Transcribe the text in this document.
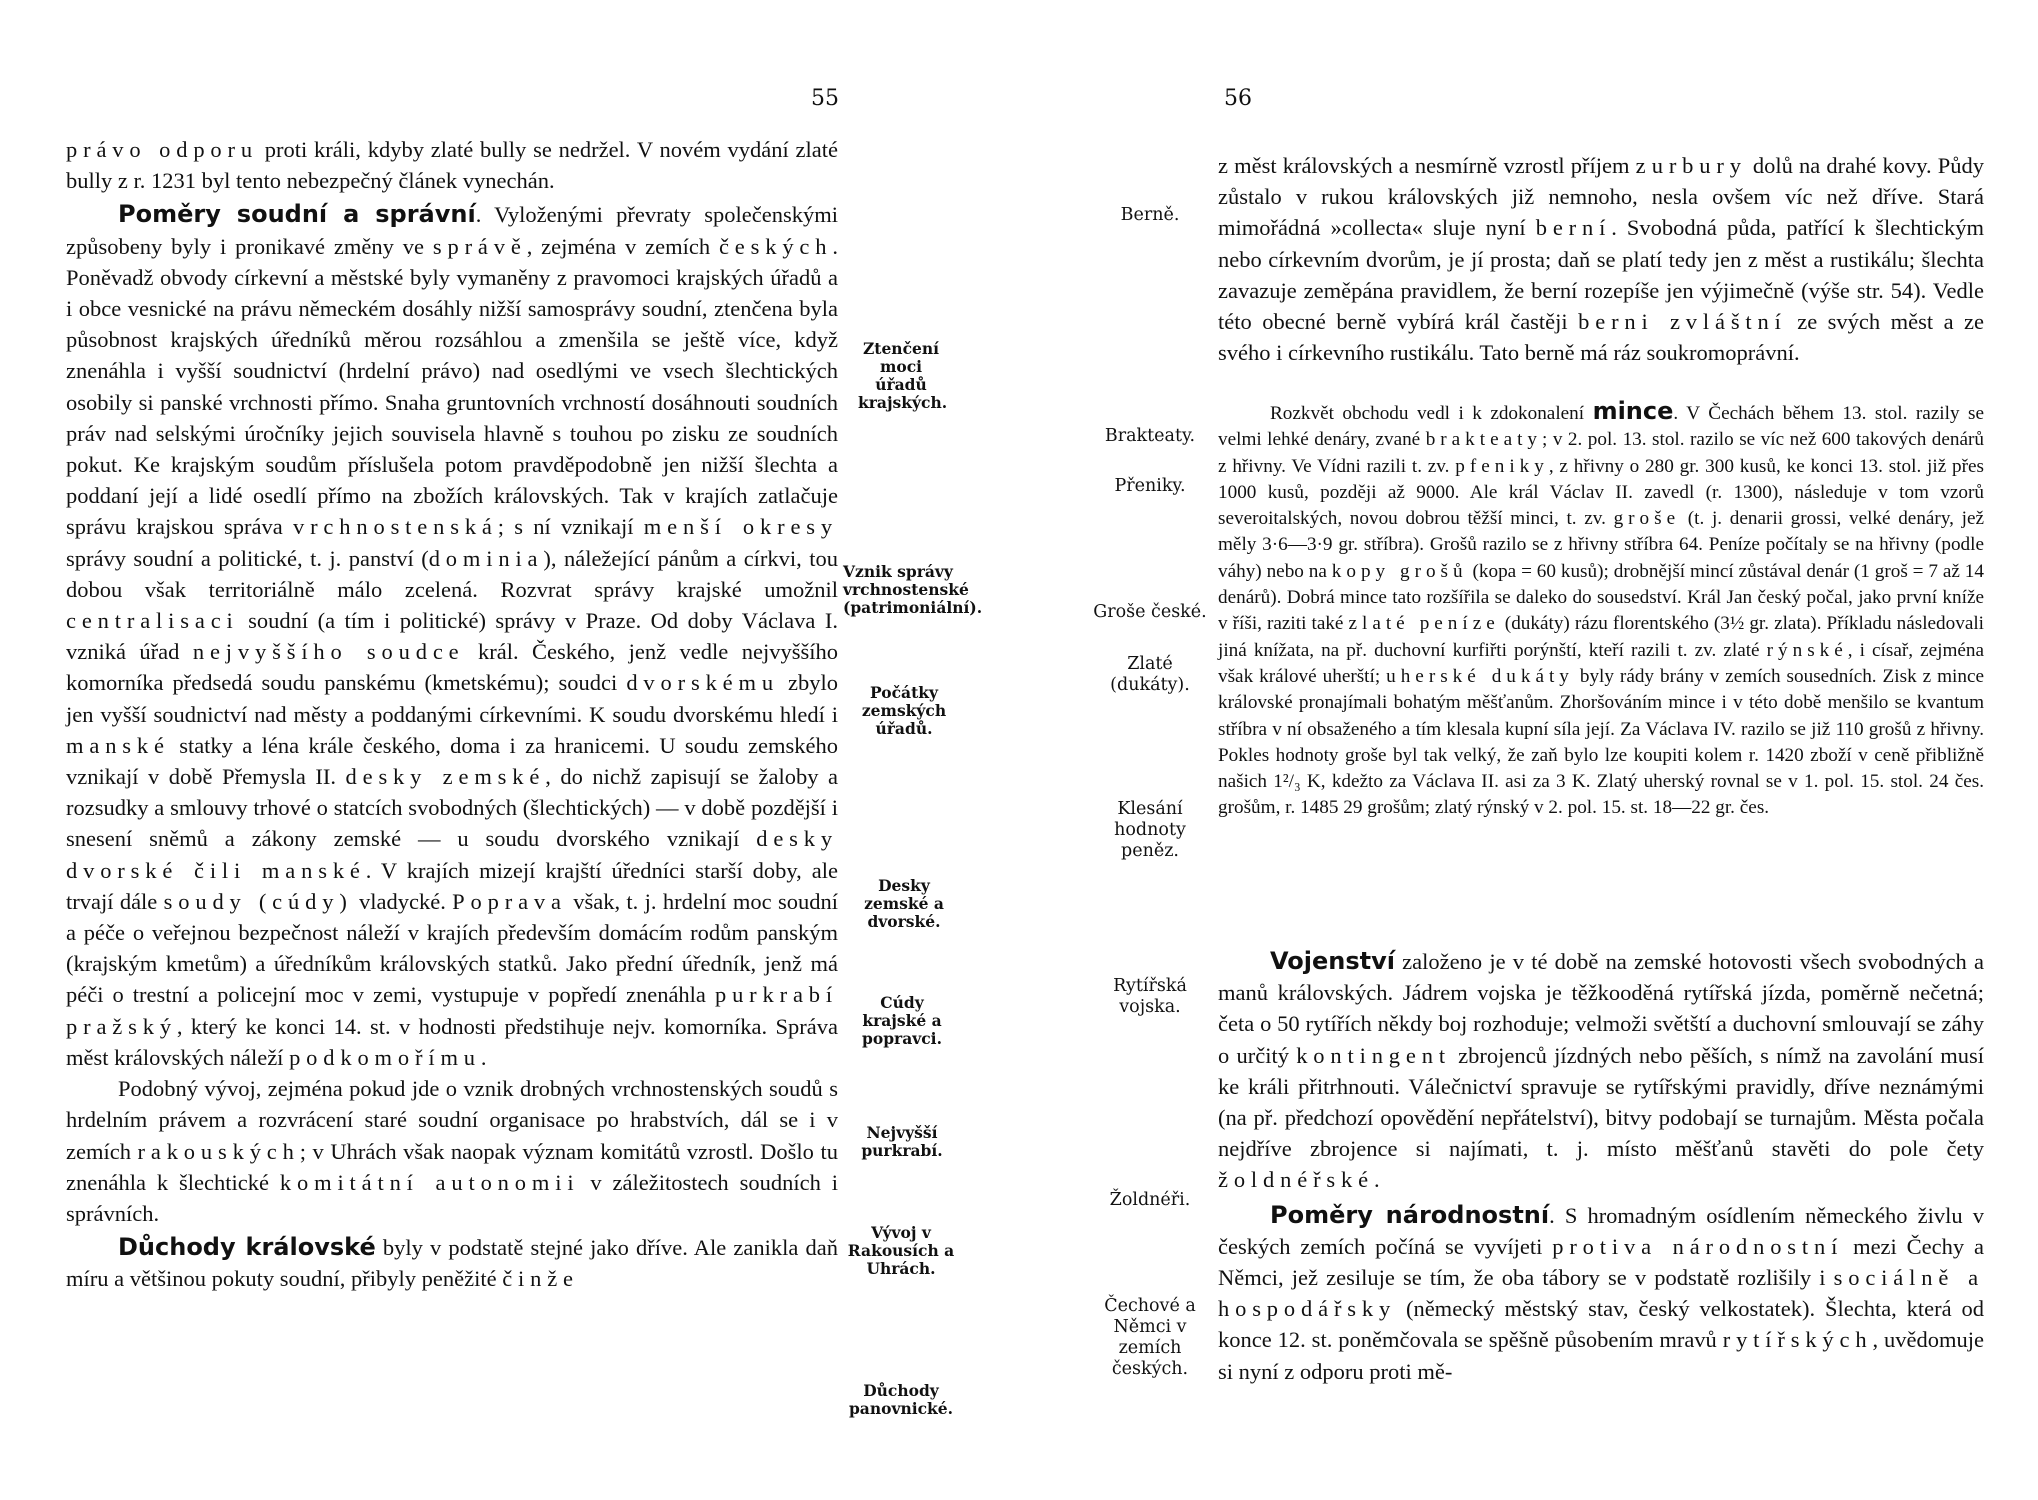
55

právo odporu proti králi, kdyby zlaté bully se nedržel. V novém vydání zlaté bully z r. 1231 byl tento nebezpečný článek vynechán.

Poměry soudní a správní. Vyloženými převraty společenskými způsobeny byly i pronikavé změny ve správě, zejména v zemích českých. Poněvadž obvody církevní a městské byly vymaněny z pravomoci krajských úřadů a i obce vesnické na právu německém dosáhly nižší samosprávy soudní, ztenčena byla působnost krajských úředníků měrou rozsáhlou a zmenšila se ještě více, když znenáhla i vyšší soudnictví (hrdelní právo) nad osedlými ve vsech šlechtických osobily si panské vrchnosti přímo. Snaha gruntovních vrchností dosáhnouti soudních práv nad selskými úročníky jejich souvisela hlavně s touhou po zisku ze soudních pokut. Ke krajským soudům příslušela potom pravděpodobně jen nižší šlechta a poddaní její a lidé osedlí přímo na zbožích královských. Tak v krajích zatlačuje správu krajskou správa vrchnostenská; s ní vznikají menší okresy správy soudní a politické, t. j. panství (dominia), náležející pánům a církvi, tou dobou však territoriálně málo zcelená. Rozvrat správy krajské umožnil centralisaci soudní (a tím i politické) správy v Praze. Od doby Václava I. vzniká úřad nejvyššího soudce král. Českého, jenž vedle nejvyššího komorníka předsedá soudu panskému (kmetskému); soudci dvorskému zbylo jen vyšší soudnictví nad městy a poddanými církevními. K soudu dvorskému hledí i manské statky a léna krále českého, doma i za hranicemi. U soudu zemského vznikají v době Přemysla II. desky zemské, do nichž zapisují se žaloby a rozsudky a smlouvy trhové o statcích svobodných (šlechtických) — v době pozdější i snesení sněmů a zákony zemské — u soudu dvorského vznikají desky dvorské čili manské. V krajích mizejí krajští úředníci starší doby, ale trvají dále soudy (cúdy) vladycké. Poprava však, t. j. hrdelní moc soudní a péče o veřejnou bezpečnost náleží v krajích především domácím rodům panským (krajským kmetům) a úředníkům královských statků. Jako přední úředník, jenž má péči o trestní a policejní moc v zemi, vystupuje v popředí znenáhla purkrabí pražský, který ke konci 14. st. v hodnosti předstihuje nejv. komorníka. Správa měst královských náleží podkomořímu.

Podobný vývoj, zejména pokud jde o vznik drobných vrchnostenských soudů s hrdelním právem a rozvrácení staré soudní organisace po hrabstvích, dál se i v zemích rakouských; v Uhrách však naopak význam komitátů vzrostl. Došlo tu znenáhla k šlechtické komitátní autonomii v záležitostech soudních i správních.

Důchody královské byly v podstatě stejné jako dříve. Ale zanikla daň míru a většinou pokuty soudní, přibyly peněžité činže

Ztenčení moci úřadů krajských.
Vznik správy vrchnostenské (patrimoniální).
Počátky zemských úřadů.
Desky zemské a dvorské.
Cúdy krajské a popravci.
Nejvyšší purkrabí.
Vývoj v Rakousích a Uhrách.
Důchody panovnické.
56
Berně.
Brakteaty.
Přeniky.
Groše české.
Zlaté (dukáty).
Klesání hodnoty peněz.
Rytířská vojska.
Žoldnéři.
Čechové a Němci v zemích českých.

z měst královských a nesmírně vzrostl příjem z urbury dolů na drahé kovy. Půdy zůstalo v rukou královských již nemnoho, nesla ovšem víc než dříve. Stará mimořádná »collecta« sluje nyní berní. Svobodná půda, patřící k šlechtickým nebo církevním dvorům, je jí prosta; daň se platí tedy jen z měst a rustikálu; šlechta zavazuje zeměpána pravidlem, že berní rozepíše jen výjimečně (výše str. 54). Vedle této obecné berně vybírá král častěji berni zvláštní ze svých měst a ze svého i církevního rustikálu. Tato berně má ráz soukromoprávní.

Rozkvět obchodu vedl i k zdokonalení mince. V Čechách během 13. stol. razily se velmi lehké denáry, zvané brakteaty; v 2. pol. 13. stol. razilo se víc než 600 takových denárů z hřivny. Ve Vídni razili t. zv. pfeniky, z hřivny o 280 gr. 300 kusů, ke konci 13. stol. již přes 1000 kusů, později až 9000. Ale král Václav II. zavedl (r. 1300), následuje v tom vzorů severoitalských, novou dobrou těžší minci, t. zv. groše (t. j. denarii grossi, velké denáry, jež měly 3·6—3·9 gr. stříbra). Grošů razilo se z hřivny stříbra 64. Peníze počítaly se na hřivny (podle váhy) nebo na kopy grošů (kopa = 60 kusů); drobnější mincí zůstával denár (1 groš = 7 až 14 denárů). Dobrá mince tato rozšířila se daleko do sousedství. Král Jan český počal, jako první kníže v říši, raziti také zlaté peníze (dukáty) rázu florentského (3½ gr. zlata). Příkladu následovali jiná knížata, na př. duchovní kurfiřti porýnští, kteří razili t. zv. zlaté rýnské, i císař, zejména však králové uherští; uherské dukáty byly rády brány v zemích sousedních. Zisk z mince královské pronajímali bohatým měšťanům. Zhoršováním mince i v této době menšilo se kvantum stříbra v ní obsaženého a tím klesala kupní síla její. Za Václava IV. razilo se již 110 grošů z hřivny. Pokles hodnoty groše byl tak velký, že zaň bylo lze koupiti kolem r. 1420 zboží v ceně přibližně našich 1²/₃ K, kdežto za Václava II. asi za 3 K. Zlatý uherský rovnal se v 1. pol. 15. stol. 24 čes. grošům, r. 1485 29 grošům; zlatý rýnský v 2. pol. 15. st. 18—22 gr. čes.

Vojenství založeno je v té době na zemské hotovosti všech svobodných a manů královských. Jádrem vojska je těžkooděná rytířská jízda, poměrně nečetná; četa o 50 rytířích někdy boj rozhoduje; velmoži světští a duchovní smlouvají se záhy o určitý kontingent zbrojenců jízdných nebo pěších, s nímž na zavolání musí ke králi přitrhnouti. Válečnictví spravuje se rytířskými pravidly, dříve neznámými (na př. předchozí opovědění nepřátelství), bitvy podobají se turnajům. Města počala nejdříve zbrojence si najímati, t. j. místo měšťanů stavěti do pole čety žoldnéřské.

Poměry národnostní. S hromadným osídlením německého živlu v českých zemích počíná se vyvíjeti protiva národnostní mezi Čechy a Němci, jež zesiluje se tím, že oba tábory se v podstatě rozlišily i sociálně a hospodářsky (německý městský stav, český velkostatek). Šlechta, která od konce 12. st. poněmčovala se spěšně působením mravů rytířských, uvědomuje si nyní z odporu proti mě-
